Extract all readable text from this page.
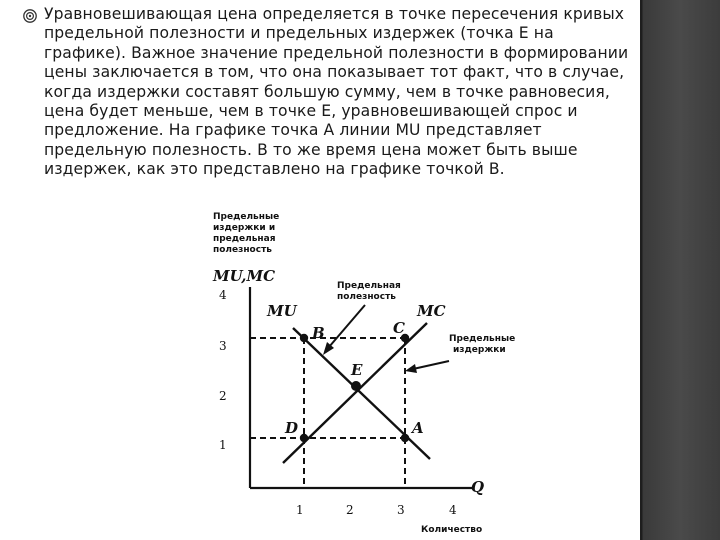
Уравновешивающая цена определяется в точке пересечения кривых предельной полезности и предельных издержек (точка E на графике). Важное значение предельной полезности в формировании цены заключается в том, что она показывает тот факт, что в случае, когда издержки составят большую сумму, чем в точке равновесия, цена будет меньше, чем в точке E, уравновешивающей спрос и предложение. На графике точка A линии MU представляет предельную полезность. В то же время цена может быть выше издержек, как это представлено на графике точкой B.

Предельные
издержки и
предельная
полезность
MU,MC
4
3
2
1
1	2	3	4
Q
Количество
MU	MC
Предельная
полезность
Предельные
издержки
B	C
E
D	A
